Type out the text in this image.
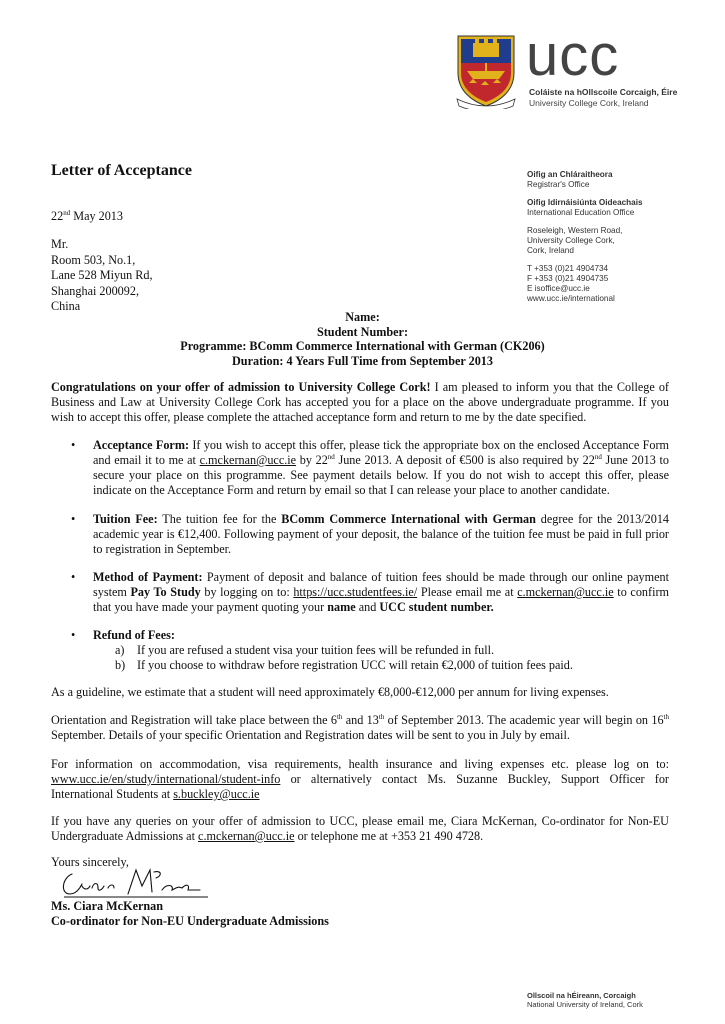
ucc
Coláiste na hOllscoile Corcaigh, Éire
University College Cork, Ireland
Letter of Acceptance
22nd May 2013
Mr.
Room 503, No.1,
Lane 528 Miyun Rd,
Shanghai 200092,
China
Oifig an Chláraitheora
Registrar's Office
Oifig Idirnáisiúnta Oideachais
International Education Office
Roseleigh, Western Road,
University College Cork,
Cork, Ireland
T +353 (0)21 4904734
F +353 (0)21 4904735
E isoffice@ucc.ie
www.ucc.ie/international
Name:
Student Number:
Programme: BComm Commerce International with German (CK206)
Duration: 4 Years Full Time from September 2013
Congratulations on your offer of admission to University College Cork! I am pleased to inform you that the College of Business and Law at University College Cork has accepted you for a place on the above undergraduate programme. If you wish to accept this offer, please complete the attached acceptance form and return to me by the date specified.
• Acceptance Form: If you wish to accept this offer, please tick the appropriate box on the enclosed Acceptance Form and email it to me at c.mckernan@ucc.ie by 22nd June 2013. A deposit of €500 is also required by 22nd June 2013 to secure your place on this programme. See payment details below. If you do not wish to accept this offer, please indicate on the Acceptance Form and return by email so that I can release your place to another candidate.
• Tuition Fee: The tuition fee for the BComm Commerce International with German degree for the 2013/2014 academic year is €12,400. Following payment of your deposit, the balance of the tuition fee must be paid in full prior to registration in September.
• Method of Payment: Payment of deposit and balance of tuition fees should be made through our online payment system Pay To Study by logging on to: https://ucc.studentfees.ie/ Please email me at c.mckernan@ucc.ie to confirm that you have made your payment quoting your name and UCC student number.
• Refund of Fees:
a) If you are refused a student visa your tuition fees will be refunded in full.
b) If you choose to withdraw before registration UCC will retain €2,000 of tuition fees paid.
As a guideline, we estimate that a student will need approximately €8,000-€12,000 per annum for living expenses.
Orientation and Registration will take place between the 6th and 13th of September 2013. The academic year will begin on 16th September. Details of your specific Orientation and Registration dates will be sent to you in July by email.
For information on accommodation, visa requirements, health insurance and living expenses etc. please log on to: www.ucc.ie/en/study/international/student-info or alternatively contact Ms. Suzanne Buckley, Support Officer for International Students at s.buckley@ucc.ie
If you have any queries on your offer of admission to UCC, please email me, Ciara McKernan, Co-ordinator for Non-EU Undergraduate Admissions at c.mckernan@ucc.ie or telephone me at +353 21 490 4728.
Yours sincerely,
Ms. Ciara McKernan
Co-ordinator for Non-EU Undergraduate Admissions
Ollscoil na hÉireann, Corcaigh
National University of Ireland, Cork
